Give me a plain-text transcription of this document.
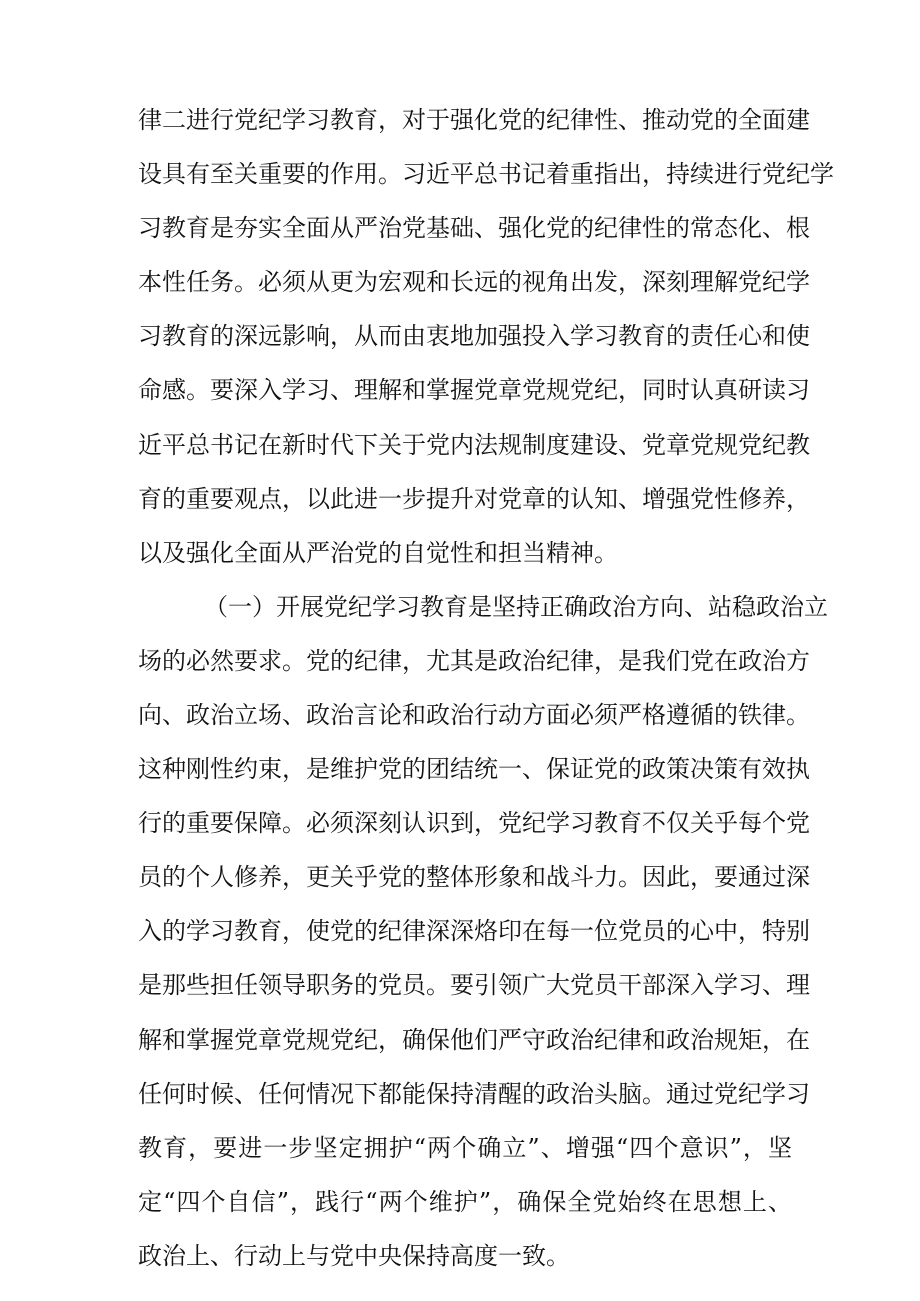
律二进行党纪学习教育，对于强化党的纪律性、推动党的全面建

设具有至关重要的作用。习近平总书记着重指出，持续进行党纪学

习教育是夯实全面从严治党基础、强化党的纪律性的常态化、根

本性任务。必须从更为宏观和长远的视角出发，深刻理解党纪学

习教育的深远影响，从而由衷地加强投入学习教育的责任心和使

命感。要深入学习、理解和掌握党章党规党纪，同时认真研读习

近平总书记在新时代下关于党内法规制度建设、党章党规党纪教

育的重要观点，以此进一步提升对党章的认知、增强党性修养，

以及强化全面从严治党的自觉性和担当精神。

（一）开展党纪学习教育是坚持正确政治方向、站稳政治立

场的必然要求。党的纪律，尤其是政治纪律，是我们党在政治方

向、政治立场、政治言论和政治行动方面必须严格遵循的铁律。

这种刚性约束，是维护党的团结统一、保证党的政策决策有效执

行的重要保障。必须深刻认识到，党纪学习教育不仅关乎每个党

员的个人修养，更关乎党的整体形象和战斗力。因此，要通过深

入的学习教育，使党的纪律深深烙印在每一位党员的心中，特别

是那些担任领导职务的党员。要引领广大党员干部深入学习、理

解和掌握党章党规党纪，确保他们严守政治纪律和政治规矩，在

任何时候、任何情况下都能保持清醒的政治头脑。通过党纪学习

教育，要进一步坚定拥护“两个确立”、增强“四个意识”，坚

定“四个自信”，践行“两个维护”，确保全党始终在思想上、

政治上、行动上与党中央保持高度一致。
